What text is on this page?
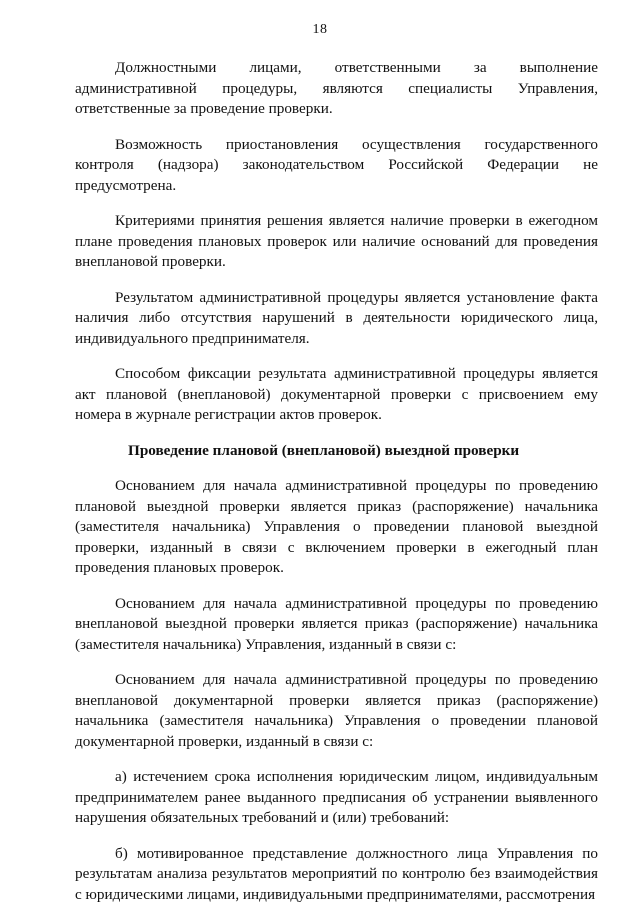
18

Должностными лицами, ответственными за выполнение административной процедуры, являются специалисты Управления, ответственные за проведение проверки.

Возможность приостановления осуществления государственного контроля (надзора) законодательством Российской Федерации не предусмотрена.

Критериями принятия решения является наличие проверки в ежегодном плане проведения плановых проверок или наличие оснований для проведения внеплановой проверки.

Результатом административной процедуры является установление факта наличия либо отсутствия нарушений в деятельности юридического лица, индивидуального предпринимателя.

Способом фиксации результата административной процедуры является акт плановой (внеплановой) документарной проверки с присвоением ему номера в журнале регистрации актов проверок.

Проведение плановой (внеплановой) выездной проверки

Основанием для начала административной процедуры по проведению плановой выездной проверки является приказ (распоряжение) начальника (заместителя начальника) Управления о проведении плановой выездной проверки, изданный в связи с включением проверки в ежегодный план проведения плановых проверок.

Основанием для начала административной процедуры по проведению внеплановой выездной проверки является приказ (распоряжение) начальника (заместителя начальника) Управления, изданный в связи с:

Основанием для начала административной процедуры по проведению внеплановой документарной проверки является приказ (распоряжение) начальника (заместителя начальника) Управления о проведении плановой документарной проверки, изданный в связи с:

а) истечением срока исполнения юридическим лицом, индивидуальным предпринимателем ранее выданного предписания об устранении выявленного нарушения обязательных требований и (или) требований:

б) мотивированное представление должностного лица Управления по результатам анализа результатов мероприятий по контролю без взаимодействия с юридическими лицами, индивидуальными предпринимателями, рассмотрения
